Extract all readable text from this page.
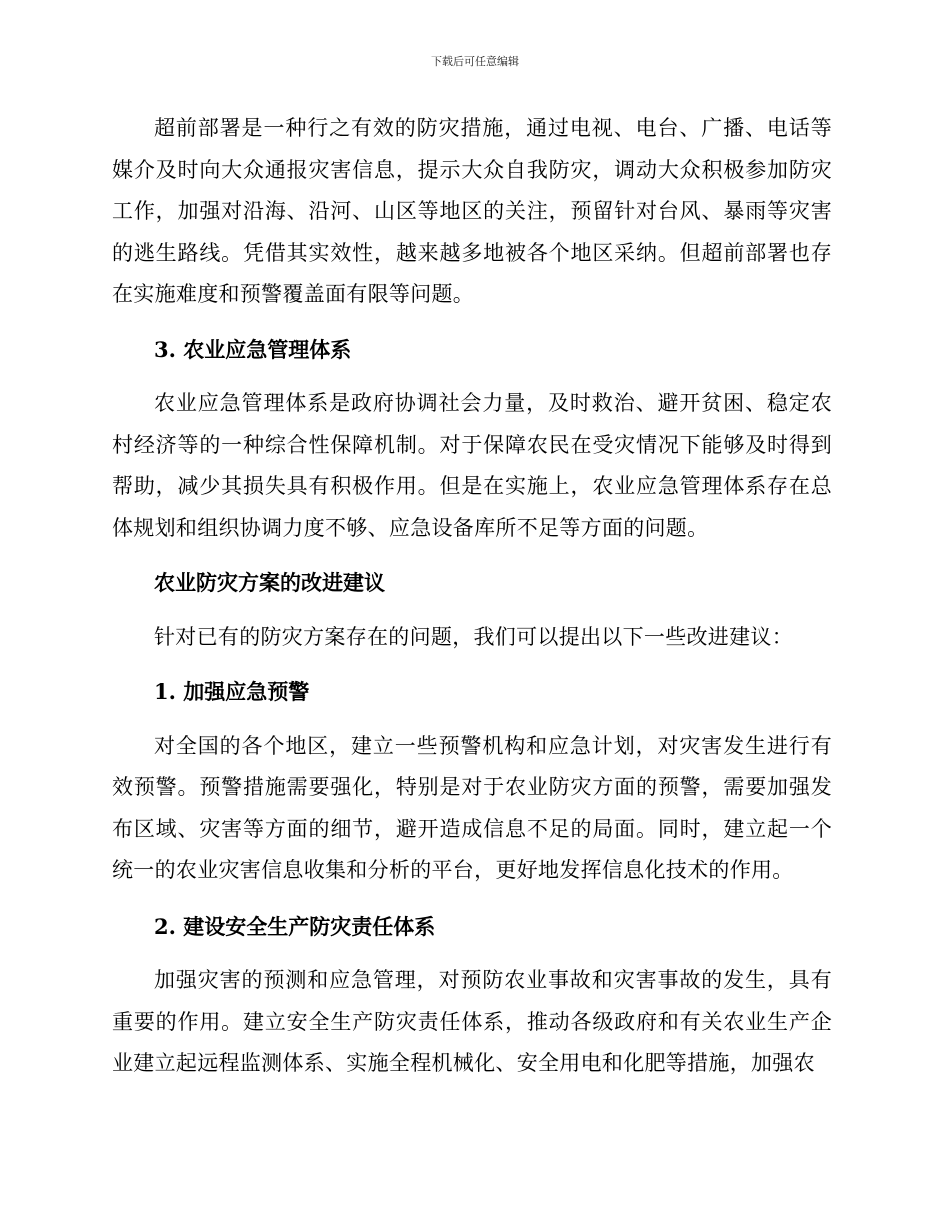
下载后可任意编辑

超前部署是一种行之有效的防灾措施，通过电视、电台、广播、电话等媒介及时向大众通报灾害信息，提示大众自我防灾，调动大众积极参加防灾工作，加强对沿海、沿河、山区等地区的关注，预留针对台风、暴雨等灾害的逃生路线。凭借其实效性，越来越多地被各个地区采纳。但超前部署也存在实施难度和预警覆盖面有限等问题。

3. 农业应急管理体系

农业应急管理体系是政府协调社会力量，及时救治、避开贫困、稳定农村经济等的一种综合性保障机制。对于保障农民在受灾情况下能够及时得到帮助，减少其损失具有积极作用。但是在实施上，农业应急管理体系存在总体规划和组织协调力度不够、应急设备库所不足等方面的问题。

农业防灾方案的改进建议

针对已有的防灾方案存在的问题，我们可以提出以下一些改进建议：

1. 加强应急预警

对全国的各个地区，建立一些预警机构和应急计划，对灾害发生进行有效预警。预警措施需要强化，特别是对于农业防灾方面的预警，需要加强发布区域、灾害等方面的细节，避开造成信息不足的局面。同时，建立起一个统一的农业灾害信息收集和分析的平台，更好地发挥信息化技术的作用。

2. 建设安全生产防灾责任体系

加强灾害的预测和应急管理，对预防农业事故和灾害事故的发生，具有重要的作用。建立安全生产防灾责任体系，推动各级政府和有关农业生产企业建立起远程监测体系、实施全程机械化、安全用电和化肥等措施，加强农
